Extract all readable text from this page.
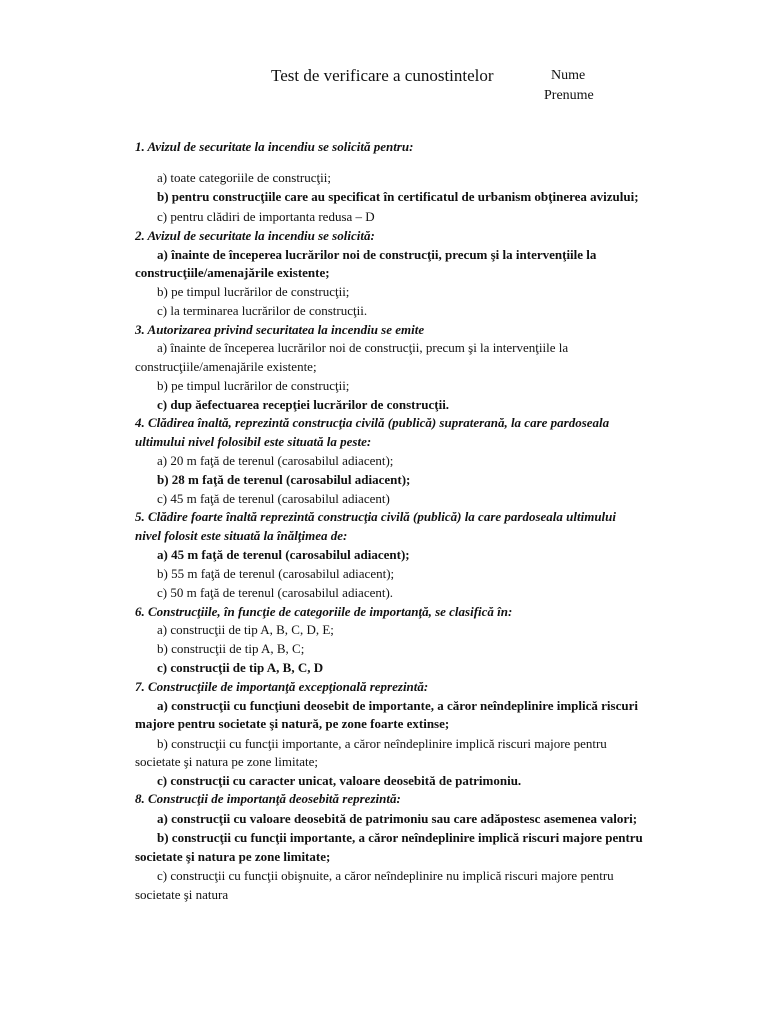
Test de verificare a cunostintelor	Nume
Prenume
1. Avizul de securitate la incendiu se solicită pentru:
a) toate categoriile de construcţii;
b) pentru construcţiile care au specificat în certificatul de urbanism obţinerea avizului;
c) pentru clădiri de importanta redusa – D
2. Avizul de securitate la incendiu se solicită:
a) înainte de începerea lucrărilor noi de construcţii, precum şi la intervenţiile la
construcţiile/amenajările existente;
b) pe timpul lucrărilor de construcţii;
c) la terminarea lucrărilor de construcţii.
3. Autorizarea privind securitatea la incendiu se emite
a) înainte de începerea lucrărilor noi de construcţii, precum şi la intervenţiile la
construcţiile/amenajările existente;
b) pe timpul lucrărilor de construcţii;
c) dup ăefectuarea recepţiei lucrărilor de construcţii.
4. Clădirea înaltă, reprezintă construcţia civilă (publică) supraterană, la care pardoseala
ultimului nivel folosibil este situată la peste:
a) 20 m faţă de terenul (carosabilul adiacent);
b) 28 m faţă de terenul (carosabilul adiacent);
c) 45 m faţă de terenul (carosabilul adiacent)
5. Clădire foarte înaltă reprezintă construcţia civilă (publică) la care pardoseala ultimului
nivel folosit este situată la înălţimea de:
a) 45 m faţă de terenul (carosabilul adiacent);
b) 55 m faţă de terenul (carosabilul adiacent);
c) 50 m faţă de terenul (carosabilul adiacent).
6. Construcţiile, în funcţie de categoriile de importanţă, se clasifică în:
a) construcţii de tip A, B, C, D, E;
b) construcţii de tip A, B, C;
c) construcţii de tip A, B, C, D
7. Construcţiile de importanţă excepţională reprezintă:
a) construcţii cu funcţiuni deosebit de importante, a căror neîndeplinire implică riscuri
majore pentru societate şi natură, pe zone foarte extinse;
b) construcţii cu funcţii importante, a căror neîndeplinire implică riscuri majore pentru
societate şi natura pe zone limitate;
c) construcţii cu caracter unicat, valoare deosebită de patrimoniu.
8. Construcţii de importanţă deosebită reprezintă:
a) construcţii cu valoare deosebită de patrimoniu sau care adăpostesc asemenea valori;
b) construcţii cu funcţii importante, a căror neîndeplinire implică riscuri majore pentru
societate şi natura pe zone limitate;
c) construcţii cu funcţii obişnuite, a căror neîndeplinire nu implică riscuri majore pentru
societate şi natura
